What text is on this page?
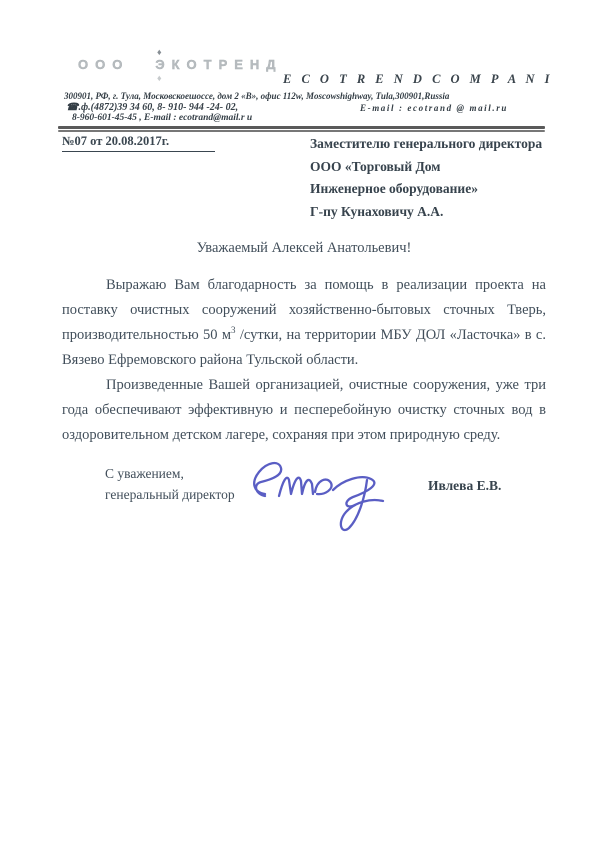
ООО ЭКОТРЕНД
♦
♦	E C O T R E N D C O M P A N I
300901, РФ, г. Тула, Московскоешоссе, дом 2 «В», офис 112w, Moscowshighway, Tula,300901,Russia
☎.ф.(4872)39 34 60, 8- 910- 944 -24- 02,	E-mail : ecotrand @ mail.ru
8-960-601-45-45 , E-mail : ecotrand@mail.r u
№07 от 20.08.2017г.	Заместителю генерального директора
ООО «Торговый Дом
Инженерное оборудование»
Г-пу Кунаховичу А.А.

Уважаемый Алексей Анатольевич!

Выражаю Вам благодарность за помощь в реализации проекта на поставку очистных сооружений хозяйственно-бытовых сточных Тверь, производительностью 50 $м^3$ /сутки, на территории МБУ ДОЛ «Ласточка» в с. Вязево Ефремовского района Тульской области.

Произведенные Вашей организацией, очистные сооружения, уже три года обеспечивают эффективную и песперебойную очистку сточных вод в оздоровительном детском лагере, сохраняя при этом природную среду.

С уважением,
генеральный директор
Ивлева Е.В.
